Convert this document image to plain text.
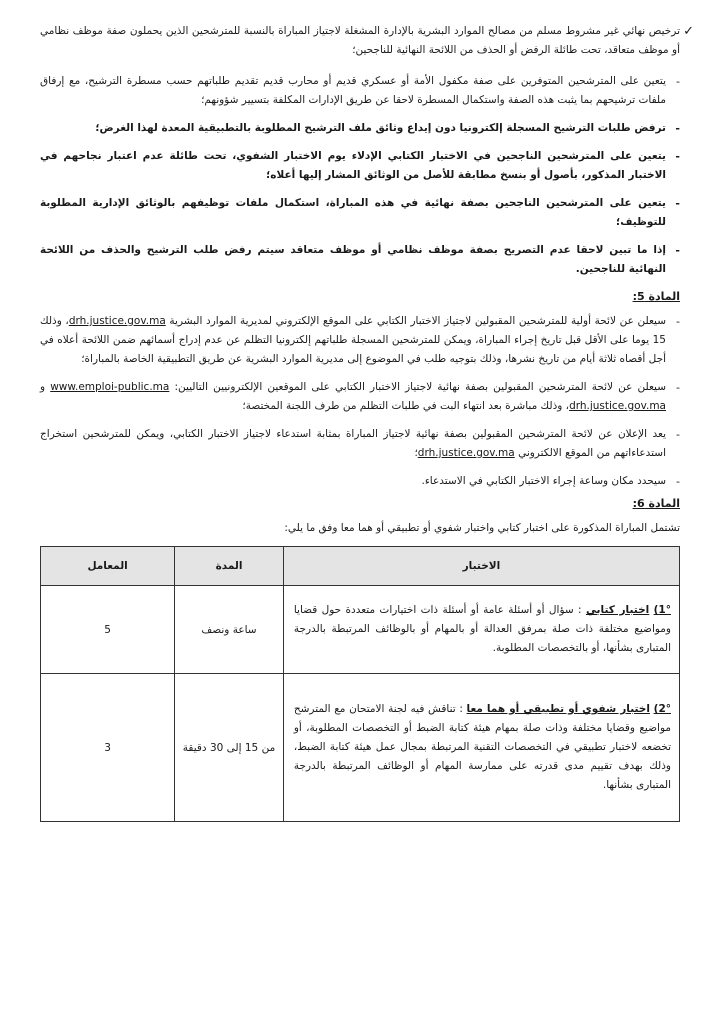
✓

ترخيص نهائي غير مشروط مسلم من مصالح الموارد البشرية بالإدارة المشغلة لاجتياز المباراة بالنسبة للمترشحين الذين يحملون صفة موظف نظامي أو موظف متعاقد، تحت طائلة الرفض أو الحذف من اللائحة النهائية للناجحين؛

-

يتعين على المترشحين المتوفرين على صفة مكفول الأمة أو عسكري قديم أو محارب قديم تقديم طلباتهم حسب مسطرة الترشيح، مع إرفاق ملفات ترشيحهم بما يثبت هذه الصفة واستكمال المسطرة لاحقا عن طريق الإدارات المكلفة بتسيير شؤونهم؛

-

ترفض طلبات الترشيح المسجلة إلكترونيا دون إيداع وثائق ملف الترشيح المطلوبة بالتطبيقية المعدة لهذا الغرض؛

-

يتعين على المترشحين الناجحين في الاختبار الكتابي الإدلاء يوم الاختبار الشفوي، تحت طائلة عدم اعتبار نجاحهم في الاختبار المذكور، بأصول أو بنسخ مطابقة للأصل من الوثائق المشار إليها أعلاه؛

-

يتعين على المترشحين الناجحين بصفة نهائية في هذه المباراة، استكمال ملفات توظيفهم بالوثائق الإدارية المطلوبة للتوظيف؛

-

إذا ما تبين لاحقا عدم التصريح بصفة موظف نظامي أو موظف متعاقد سيتم رفض طلب الترشيح والحذف من اللائحة النهائية للناجحين.

المادة 5:
-

سيعلن عن لائحة أولية للمترشحين المقبولين لاجتياز الاختبار الكتابي على الموقع الإلكتروني لمديرية الموارد البشرية drh.justice.gov.ma، وذلك 15 يوما على الأقل قبل تاريخ إجراء المباراة، ويمكن للمترشحين المسجلة طلباتهم إلكترونيا التظلم عن عدم إدراج أسمائهم ضمن اللائحة أعلاه في أجل أقصاه ثلاثة أيام من تاريخ نشرها، وذلك بتوجيه طلب في الموضوع إلى مديرية الموارد البشرية عن طريق التطبيقية الخاصة بالمباراة؛

-

سيعلن عن لائحة المترشحين المقبولين بصفة نهائية لاجتياز الاختبار الكتابي على الموقعين الإلكترونيين التاليين: www.emploi-public.ma و drh.justice.gov.ma، وذلك مباشرة بعد انتهاء البت في طلبات التظلم من طرف اللجنة المختصة؛

-

يعد الإعلان عن لائحة المترشحين المقبولين بصفة نهائية لاجتياز المباراة بمثابة استدعاء لاجتياز الاختبار الكتابي، ويمكن للمترشحين استخراج استدعاءاتهم من الموقع الالكتروني drh.justice.gov.ma؛

-

سيحدد مكان وساعة إجراء الاختبار الكتابي في الاستدعاء.

المادة 6:

تشتمل المباراة المذكورة على اختبار كتابي واختبار شفوي أو تطبيقي أو هما معا وفق ما يلي:

الاختبار	المدة	المعامل
1°) اختبار كتابي : سؤال أو أسئلة عامة أو أسئلة ذات اختيارات متعددة حول قضايا ومواضيع مختلفة ذات صلة بمرفق العدالة أو بالمهام أو بالوظائف المرتبطة بالدرجة المتبارى بشأنها، أو بالتخصصات المطلوبة.	ساعة ونصف	5
2°) اختبار شفوي أو تطبيقي أو هما معا : تناقش فيه لجنة الامتحان مع المترشح مواضيع وقضايا مختلفة وذات صلة بمهام هيئة كتابة الضبط أو التخصصات المطلوبة، أو تخضعه لاختبار تطبيقي في التخصصات التقنية المرتبطة بمجال عمل هيئة كتابة الضبط، وذلك بهدف تقييم مدى قدرته على ممارسة المهام أو الوظائف المرتبطة بالدرجة المتبارى بشأنها.	من 15 إلى 30 دقيقة	3
